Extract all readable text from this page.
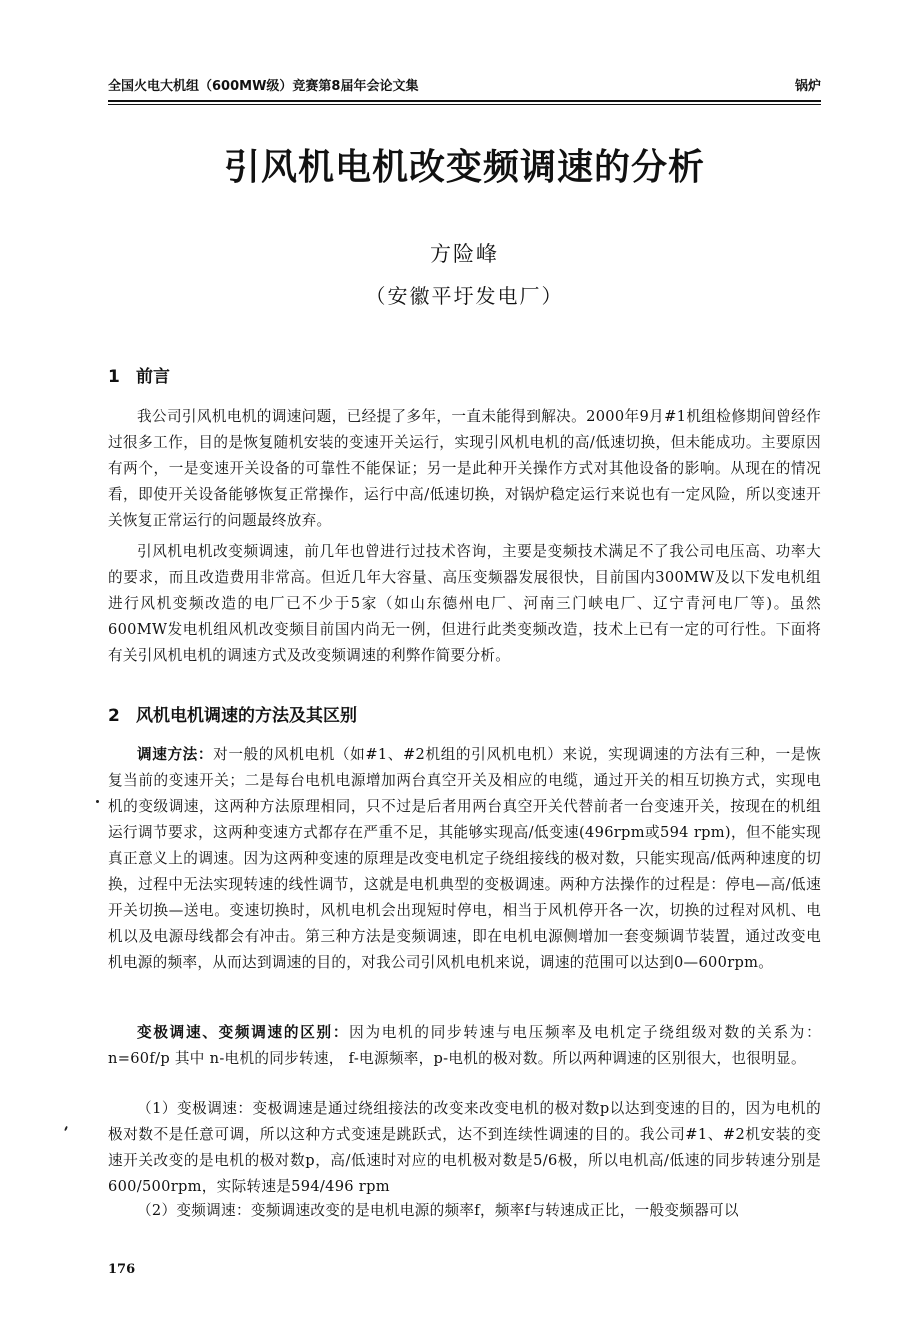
全国火电大机组（600MW级）竞赛第8届年会论文集	锅炉
引风机电机改变频调速的分析
方险峰
（安徽平圩发电厂）
1 前言

我公司引风机电机的调速问题，已经提了多年，一直未能得到解决。2000年9月#1机组检修期间曾经作过很多工作，目的是恢复随机安装的变速开关运行，实现引风机电机的高/低速切换，但未能成功。主要原因有两个，一是变速开关设备的可靠性不能保证；另一是此种开关操作方式对其他设备的影响。从现在的情况看，即使开关设备能够恢复正常操作，运行中高/低速切换，对锅炉稳定运行来说也有一定风险，所以变速开关恢复正常运行的问题最终放弃。

引风机电机改变频调速，前几年也曾进行过技术咨询，主要是变频技术满足不了我公司电压高、功率大的要求，而且改造费用非常高。但近几年大容量、高压变频器发展很快，目前国内300MW及以下发电机组进行风机变频改造的电厂已不少于5家（如山东德州电厂、河南三门峡电厂、辽宁青河电厂等)。虽然600MW发电机组风机改变频目前国内尚无一例，但进行此类变频改造，技术上已有一定的可行性。下面将有关引风机电机的调速方式及改变频调速的利弊作简要分析。

2 风机电机调速的方法及其区别

调速方法：对一般的风机电机（如#1、#2机组的引风机电机）来说，实现调速的方法有三种，一是恢复当前的变速开关；二是每台电机电源增加两台真空开关及相应的电缆，通过开关的相互切换方式，实现电机的变级调速，这两种方法原理相同，只不过是后者用两台真空开关代替前者一台变速开关，按现在的机组运行调节要求，这两种变速方式都存在严重不足，其能够实现高/低变速(496rpm或594 rpm)，但不能实现真正意义上的调速。因为这两种变速的原理是改变电机定子绕组接线的极对数，只能实现高/低两种速度的切换，过程中无法实现转速的线性调节，这就是电机典型的变极调速。两种方法操作的过程是：停电—高/低速开关切换—送电。变速切换时，风机电机会出现短时停电，相当于风机停开各一次，切换的过程对风机、电机以及电源母线都会有冲击。第三种方法是变频调速，即在电机电源侧增加一套变频调节装置，通过改变电机电源的频率，从而达到调速的目的，对我公司引风机电机来说，调速的范围可以达到0—600rpm。

变极调速、变频调速的区别：因为电机的同步转速与电压频率及电机定子绕组级对数的关系为：n=60f/p 其中 n-电机的同步转速， f-电源频率，p-电机的极对数。所以两种调速的区别很大，也很明显。

（1）变极调速：变极调速是通过绕组接法的改变来改变电机的极对数p以达到变速的目的，因为电机的极对数不是任意可调，所以这种方式变速是跳跃式，达不到连续性调速的目的。我公司#1、#2机安装的变速开关改变的是电机的极对数p，高/低速时对应的电机极对数是5/6极，所以电机高/低速的同步转速分别是600/500rpm，实际转速是594/496 rpm

（2）变频调速：变频调速改变的是电机电源的频率f，频率f与转速成正比，一般变频器可以

176
